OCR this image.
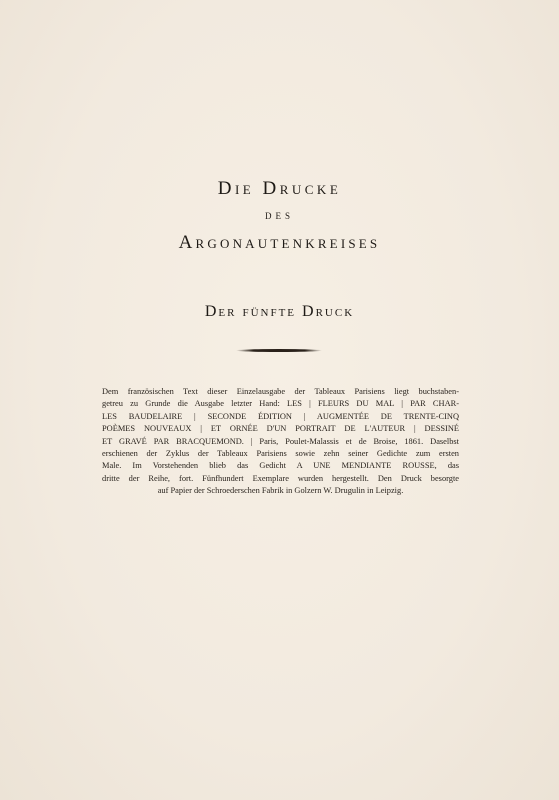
Die Drucke
des
Argonautenkreises
Der fünfte Druck
Dem französischen Text dieser Einzelausgabe der Tableaux Parisiens liegt buchstaben-
getreu zu Grunde die Ausgabe letzter Hand: LES | FLEURS DU MAL | PAR CHAR-
LES BAUDELAIRE | SECONDE ÉDITION | AUGMENTÉE DE TRENTE-CINQ
POÈMES NOUVEAUX | ET ORNÉE D'UN PORTRAIT DE L'AUTEUR | DESSINÉ
ET GRAVÉ PAR BRACQUEMOND. | Paris, Poulet-Malassis et de Broise, 1861. Daselbst
erschienen der Zyklus der Tableaux Parisiens sowie zehn seiner Gedichte zum ersten
Male. Im Vorstehenden blieb das Gedicht A UNE MENDIANTE ROUSSE, das
dritte der Reihe, fort. Fünfhundert Exemplare wurden hergestellt. Den Druck besorgte
auf Papier der Schroederschen Fabrik in Golzern W. Drugulin in Leipzig.
